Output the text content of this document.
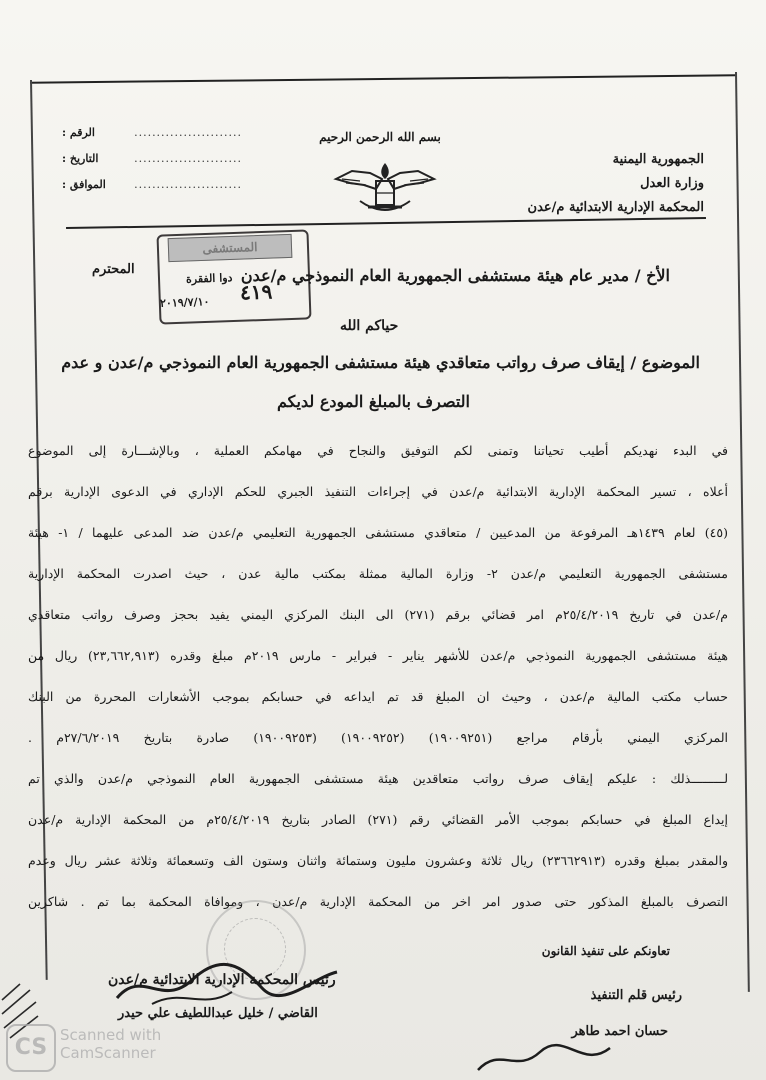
........................
الرقم :
........................
التاريخ :
........................
الموافق :
بسم الله الرحمن الرحيم
الجمهورية اليمنية
وزارة العدل
المحكمة الإدارية الابتدائية م/عدن
المستشفى
٤١٩
دوا الفقرة
٢٠١٩/٧/١٠
الأخ / مدير عام هيئة مستشفى الجمهورية العام النموذجي م/عدن
المحترم
حياكم الله
الموضوع / إيقاف صرف رواتب متعاقدي هيئة مستشفى الجمهورية العام النموذجي م/عدن و عدم
التصرف بالمبلغ المودع لديكم
في البدء نهديكم أطيب تحياتنا وتمنى لكم التوفيق والنجاح في مهامكم العملية ، وبالإشـــارة إلى الموضوع
أعلاه ، تسير المحكمة الإدارية الابتدائية م/عدن في إجراءات التنفيذ الجبري للحكم الإداري في الدعوى الإدارية برقم
(٤٥) لعام ١٤٣٩هـ المرفوعة من المدعيين / متعاقدي مستشفى الجمهورية التعليمي م/عدن ضد المدعى عليهما / ١- هيئة
مستشفى الجمهورية التعليمي م/عدن ٢- وزارة المالية ممثلة بمكتب مالية عدن ، حيث اصدرت المحكمة الإدارية
م/عدن في تاريخ ٢٥/٤/٢٠١٩م امر قضائي برقم (٢٧١) الى البنك المركزي اليمني يفيد بحجز وصرف رواتب متعاقدي
هيئة مستشفى الجمهورية النموذجي م/عدن للأشهر يناير - فبراير - مارس ٢٠١٩م مبلغ وقدره (٢٣,٦٦٢,٩١٣) ريال من
حساب مكتب المالية م/عدن ، وحيث ان المبلغ قد تم ايداعه في حسابكم بموجب الأشعارات المحررة من البنك
المركزي اليمني بأرقام مراجع (١٩٠٠٩٢٥١) (١٩٠٠٩٢٥٢) (١٩٠٠٩٢٥٣) صادرة بتاريخ ٢٧/٦/٢٠١٩م .
لـــــــــذلك : عليكم إيقاف صرف رواتب متعاقدين هيئة مستشفى الجمهورية العام النموذجي م/عدن والذي تم
إيداع المبلغ في حسابكم بموجب الأمر القضائي رقم (٢٧١) الصادر بتاريخ ٢٥/٤/٢٠١٩م من المحكمة الإدارية م/عدن
والمقدر بمبلغ وقدره (٢٣٦٦٢٩١٣) ريال ثلاثة وعشرون مليون وستمائة واثنان وستون الف وتسعمائة وثلاثة عشر ريال وعدم
التصرف بالمبلغ المذكور حتى صدور امر اخر من المحكمة الإدارية م/عدن ، وموافاة المحكمة بما تم . شاكرين
تعاونكم على تنفيذ القانون
رئيس المحكمة الإدارية الابتدائية م/عدن
القاضي / خليل عبداللطيف علي حيدر
رئيس قلم التنفيذ
حسان احمد طاهر
CS Scanned with
CamScanner
